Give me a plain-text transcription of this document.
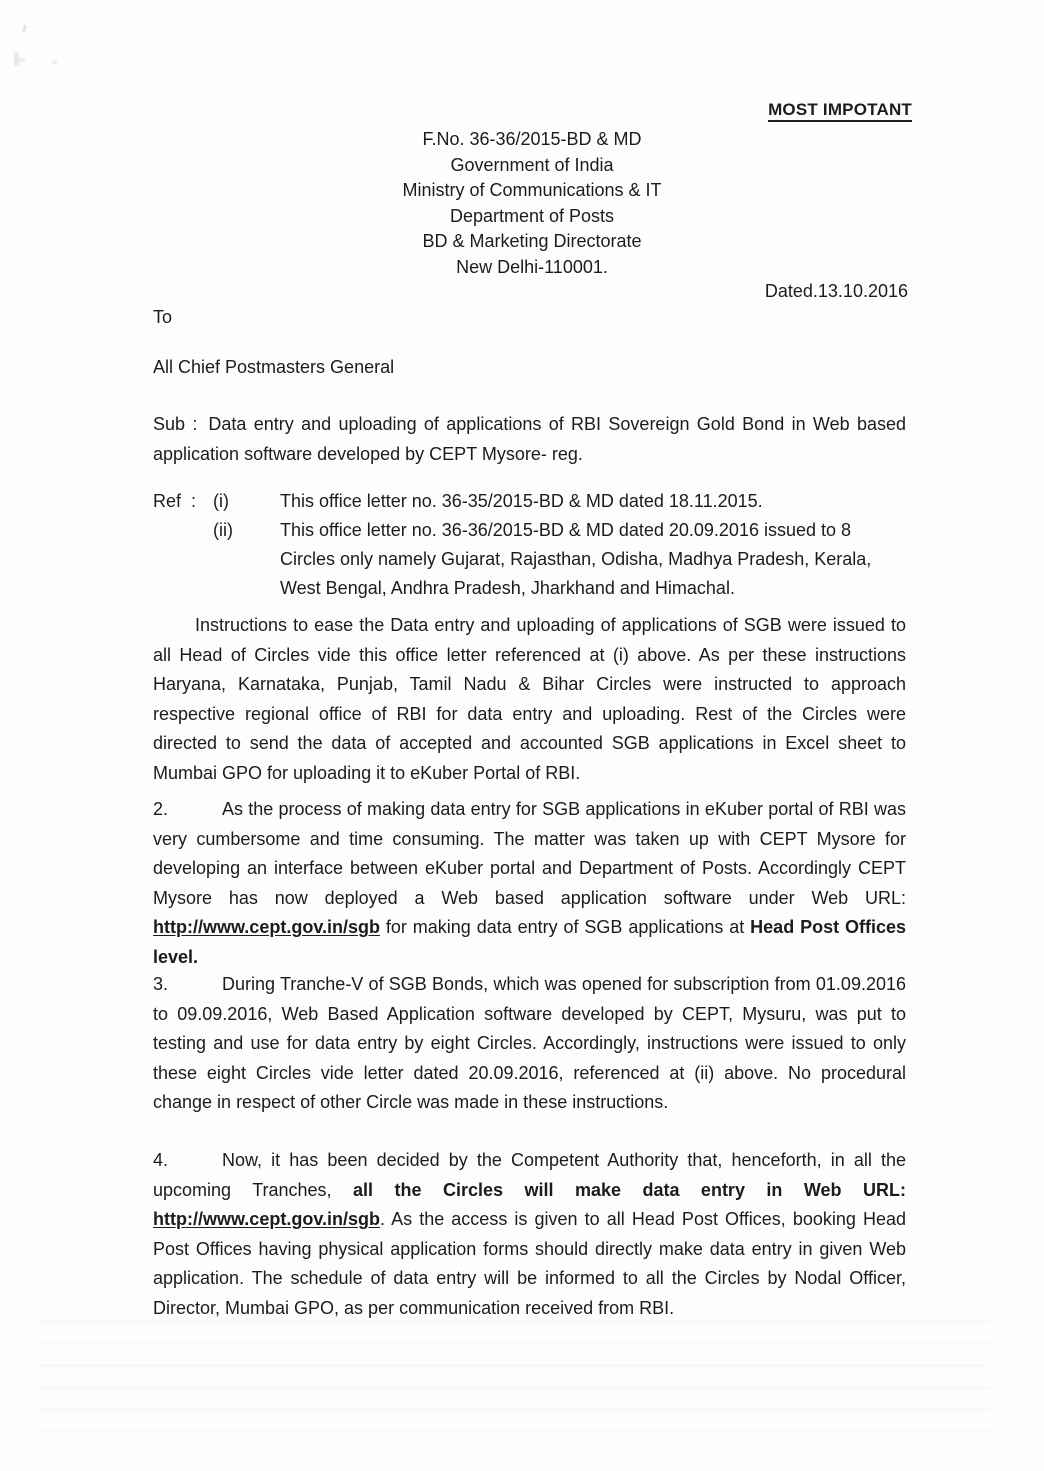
MOST IMPOTANT
F.No. 36-36/2015-BD & MD
Government of India
Ministry of Communications & IT
Department of Posts
BD & Marketing Directorate
New Delhi-110001.
Dated.13.10.2016
To
All Chief Postmasters General
Sub : Data entry and uploading of applications of RBI Sovereign Gold Bond in Web based application software developed by CEPT Mysore- reg.
Ref  : (i)	This office letter no. 36-35/2015-BD & MD dated 18.11.2015.
(ii)	This office letter no. 36-36/2015-BD & MD dated 20.09.2016 issued to 8 Circles only namely Gujarat, Rajasthan, Odisha, Madhya Pradesh, Kerala, West Bengal, Andhra Pradesh, Jharkhand and Himachal.
Instructions to ease the Data entry and uploading of applications of SGB were issued to all Head of Circles vide this office letter referenced at (i) above. As per these instructions Haryana, Karnataka, Punjab, Tamil Nadu & Bihar Circles were instructed to approach respective regional office of RBI for data entry and uploading. Rest of the Circles were directed to send the data of accepted and accounted SGB applications in Excel sheet to Mumbai GPO for uploading it to eKuber Portal of RBI.
2.	As the process of making data entry for SGB applications in eKuber portal of RBI was very cumbersome and time consuming. The matter was taken up with CEPT Mysore for developing an interface between eKuber portal and Department of Posts. Accordingly CEPT Mysore has now deployed a Web based application software under Web URL: http://www.cept.gov.in/sgb for making data entry of SGB applications at Head Post Offices level.
3.	During Tranche-V of SGB Bonds, which was opened for subscription from 01.09.2016 to 09.09.2016, Web Based Application software developed by CEPT, Mysuru, was put to testing and use for data entry by eight Circles. Accordingly, instructions were issued to only these eight Circles vide letter dated 20.09.2016, referenced at (ii) above. No procedural change in respect of other Circle was made in these instructions.
4.	Now, it has been decided by the Competent Authority that, henceforth, in all the upcoming Tranches, all the Circles will make data entry in Web URL: http://www.cept.gov.in/sgb. As the access is given to all Head Post Offices, booking Head Post Offices having physical application forms should directly make data entry in given Web application. The schedule of data entry will be informed to all the Circles by Nodal Officer, Director, Mumbai GPO, as per communication received from RBI.
